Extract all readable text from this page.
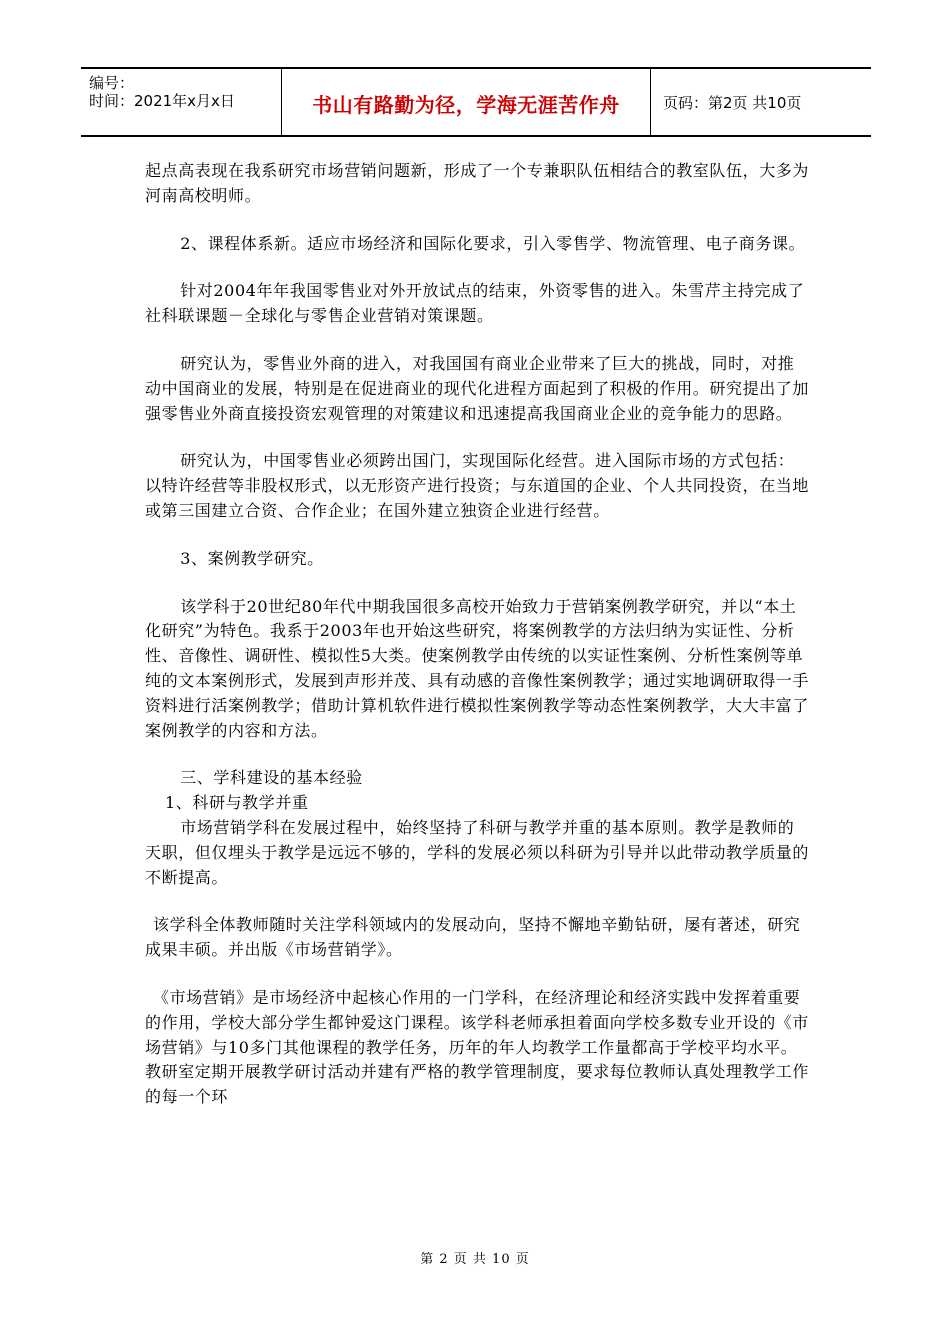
编号：
时间：2021年x月x日	书山有路勤为径，学海无涯苦作舟	页码：第2页 共10页

起点高表现在我系研究市场营销问题新，形成了一个专兼职队伍相结合的教室队伍，大多为河南高校明师。

2、课程体系新。适应市场经济和国际化要求，引入零售学、物流管理、电子商务课。

针对2004年年我国零售业对外开放试点的结束，外资零售的进入。朱雪芹主持完成了社科联课题－全球化与零售企业营销对策课题。

研究认为，零售业外商的进入，对我国国有商业企业带来了巨大的挑战，同时，对推动中国商业的发展，特别是在促进商业的现代化进程方面起到了积极的作用。研究提出了加强零售业外商直接投资宏观管理的对策建议和迅速提高我国商业企业的竞争能力的思路。

研究认为，中国零售业必须跨出国门，实现国际化经营。进入国际市场的方式包括：以特许经营等非股权形式，以无形资产进行投资；与东道国的企业、个人共同投资，在当地或第三国建立合资、合作企业；在国外建立独资企业进行经营。

3、案例教学研究。

该学科于20世纪80年代中期我国很多高校开始致力于营销案例教学研究，并以“本土化研究”为特色。我系于2003年也开始这些研究，将案例教学的方法归纳为实证性、分析性、音像性、调研性、模拟性5大类。使案例教学由传统的以实证性案例、分析性案例等单纯的文本案例形式，发展到声形并茂、具有动感的音像性案例教学；通过实地调研取得一手资料进行活案例教学；借助计算机软件进行模拟性案例教学等动态性案例教学，大大丰富了案例教学的内容和方法。

三、学科建设的基本经验

1、科研与教学并重

市场营销学科在发展过程中，始终坚持了科研与教学并重的基本原则。教学是教师的天职，但仅埋头于教学是远远不够的，学科的发展必须以科研为引导并以此带动教学质量的不断提高。

该学科全体教师随时关注学科领域内的发展动向，坚持不懈地辛勤钻研，屡有著述，研究成果丰硕。并出版《市场营销学》。

《市场营销》是市场经济中起核心作用的一门学科，在经济理论和经济实践中发挥着重要的作用，学校大部分学生都钟爱这门课程。该学科老师承担着面向学校多数专业开设的《市场营销》与10多门其他课程的教学任务，历年的年人均教学工作量都高于学校平均水平。教研室定期开展教学研讨活动并建有严格的教学管理制度，要求每位教师认真处理教学工作的每一个环

第 2 页 共 10 页
